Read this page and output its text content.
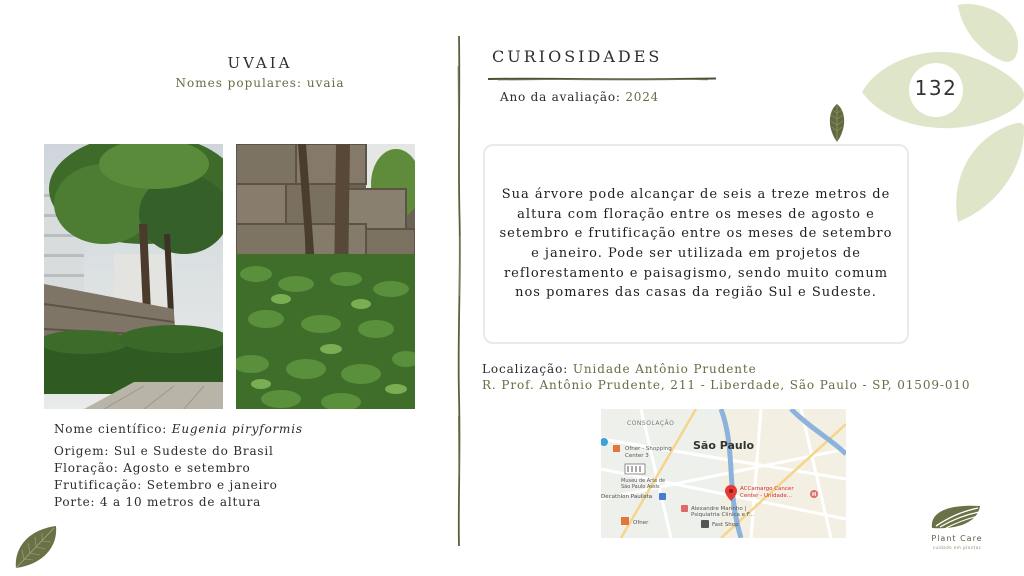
UVAIA
Nomes populares: uvaia
Nome científico: Eugenia piryformis
Origem: Sul e Sudeste do Brasil
Floração: Agosto e setembro
Frutificação: Setembro e janeiro
Porte: 4 a 10 metros de altura
CURIOSIDADES
Ano da avaliação: 2024

Sua árvore pode alcançar de seis a treze metros de altura com floração entre os meses de agosto e setembro e frutificação entre os meses de setembro e janeiro. Pode ser utilizada em projetos de reflorestamento e paisagismo, sendo muito comum nos pomares das casas da região Sul e Sudeste.

Localização: Unidade Antônio Prudente
R. Prof. Antônio Prudente, 211 - Liberdade, São Paulo - SP, 01509-010
CONSOLAÇÃO
São Paulo
Ofner - Shopping
Center 3
Museu de Arte de
São Paulo Assis
Decathlon Paulista
Alexandre Marinho |
Psiquiatria Clínica e F...
ACCamargo Cancer
Center - Unidade...	H
Ofner	Fast Shop
132
Plant Care
cuidado em plantas
